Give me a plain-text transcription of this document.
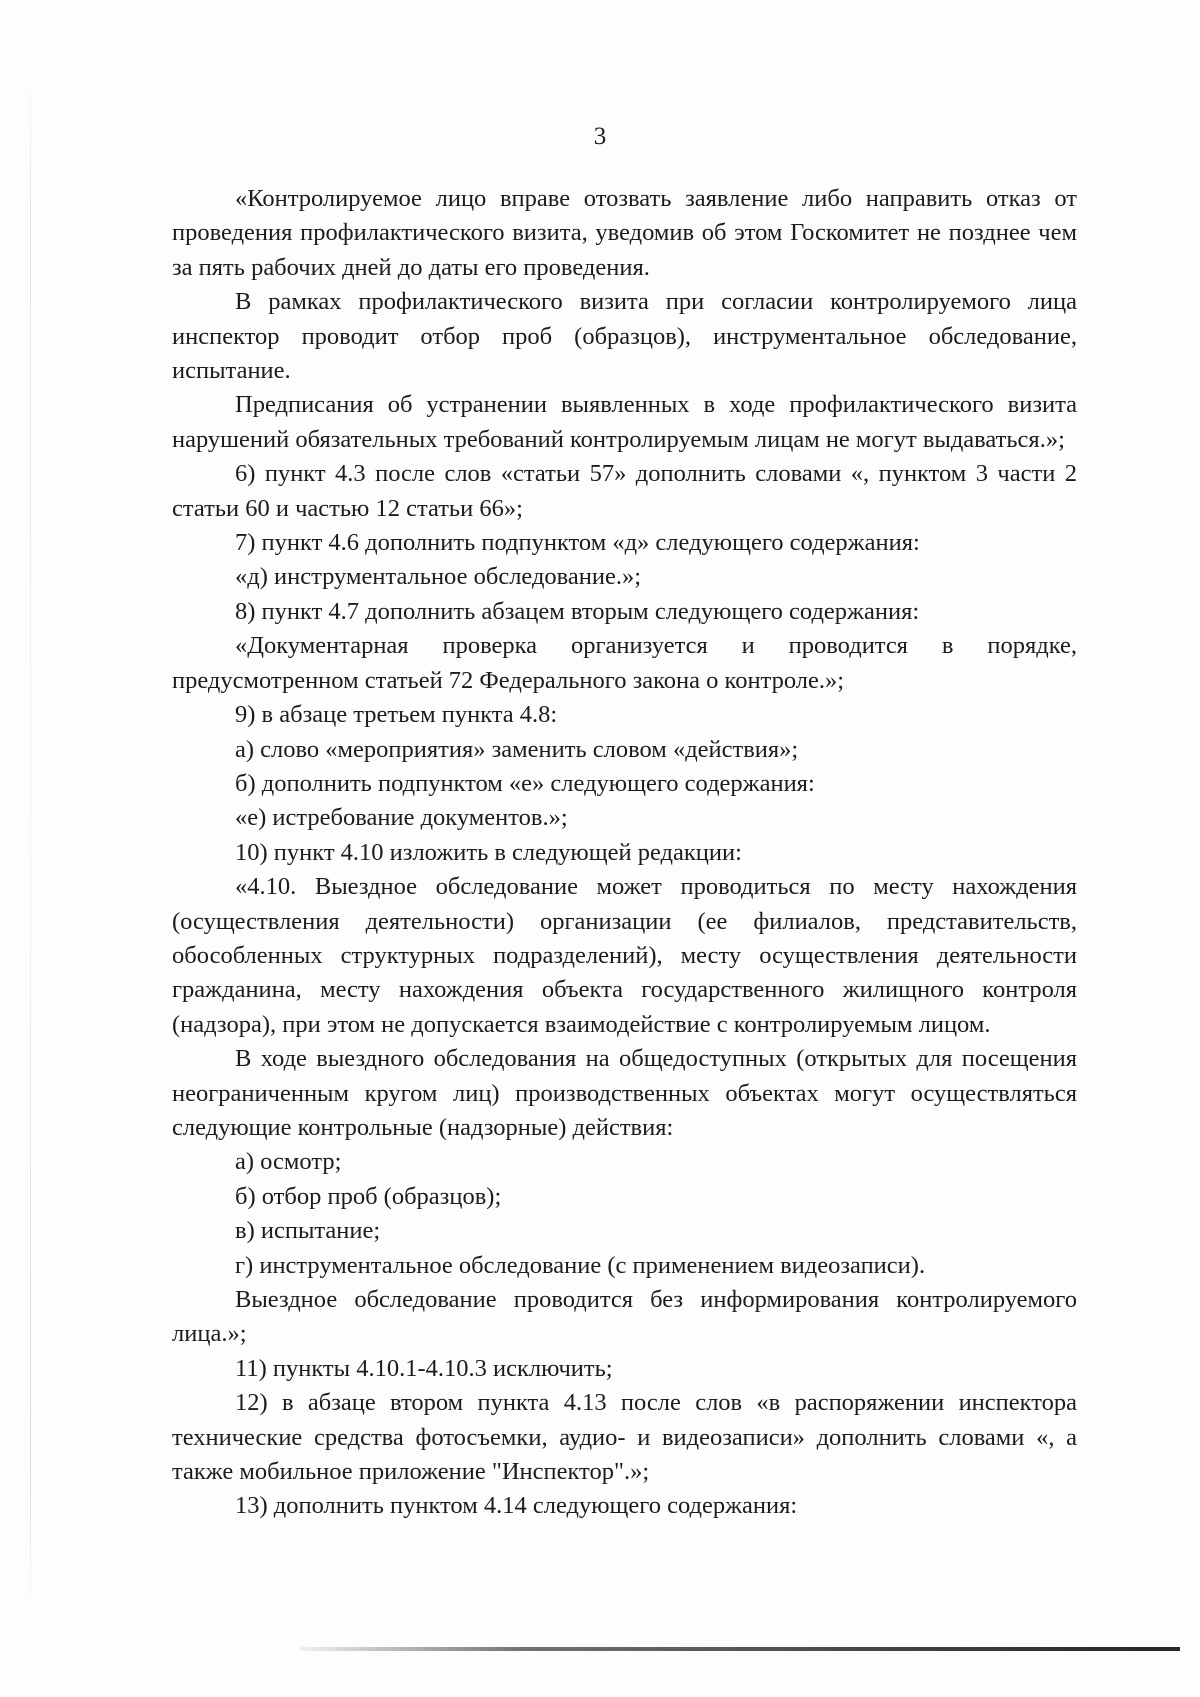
3

«Контролируемое лицо вправе отозвать заявление либо направить отказ от проведения профилактического визита, уведомив об этом Госкомитет не позднее чем за пять рабочих дней до даты его проведения.

В рамках профилактического визита при согласии контролируемого лица инспектор проводит отбор проб (образцов), инструментальное обследование, испытание.

Предписания об устранении выявленных в ходе профилактического визита нарушений обязательных требований контролируемым лицам не могут выдаваться.»;

6) пункт 4.3 после слов «статьи 57» дополнить словами «, пунктом 3 части 2 статьи 60 и частью 12 статьи 66»;

7) пункт 4.6 дополнить подпунктом «д» следующего содержания:

«д) инструментальное обследование.»;

8) пункт 4.7 дополнить абзацем вторым следующего содержания:

«Документарная проверка организуется и проводится в порядке, предусмотренном статьей 72 Федерального закона о контроле.»;

9) в абзаце третьем пункта 4.8:

а) слово «мероприятия» заменить словом «действия»;

б) дополнить подпунктом «е» следующего содержания:

«е) истребование документов.»;

10) пункт 4.10 изложить в следующей редакции:

«4.10. Выездное обследование может проводиться по месту нахождения (осуществления деятельности) организации (ее филиалов, представительств, обособленных структурных подразделений), месту осуществления деятельности гражданина, месту нахождения объекта государственного жилищного контроля (надзора), при этом не допускается взаимодействие с контролируемым лицом.

В ходе выездного обследования на общедоступных (открытых для посещения неограниченным кругом лиц) производственных объектах могут осуществляться следующие контрольные (надзорные) действия:

а) осмотр;

б) отбор проб (образцов);

в) испытание;

г) инструментальное обследование (с применением видеозаписи).

Выездное обследование проводится без информирования контролируемого лица.»;

11) пункты 4.10.1-4.10.3 исключить;

12) в абзаце втором пункта 4.13 после слов «в распоряжении инспектора технические средства фотосъемки, аудио- и видеозаписи» дополнить словами «, а также мобильное приложение "Инспектор".»;

13) дополнить пунктом 4.14 следующего содержания:
